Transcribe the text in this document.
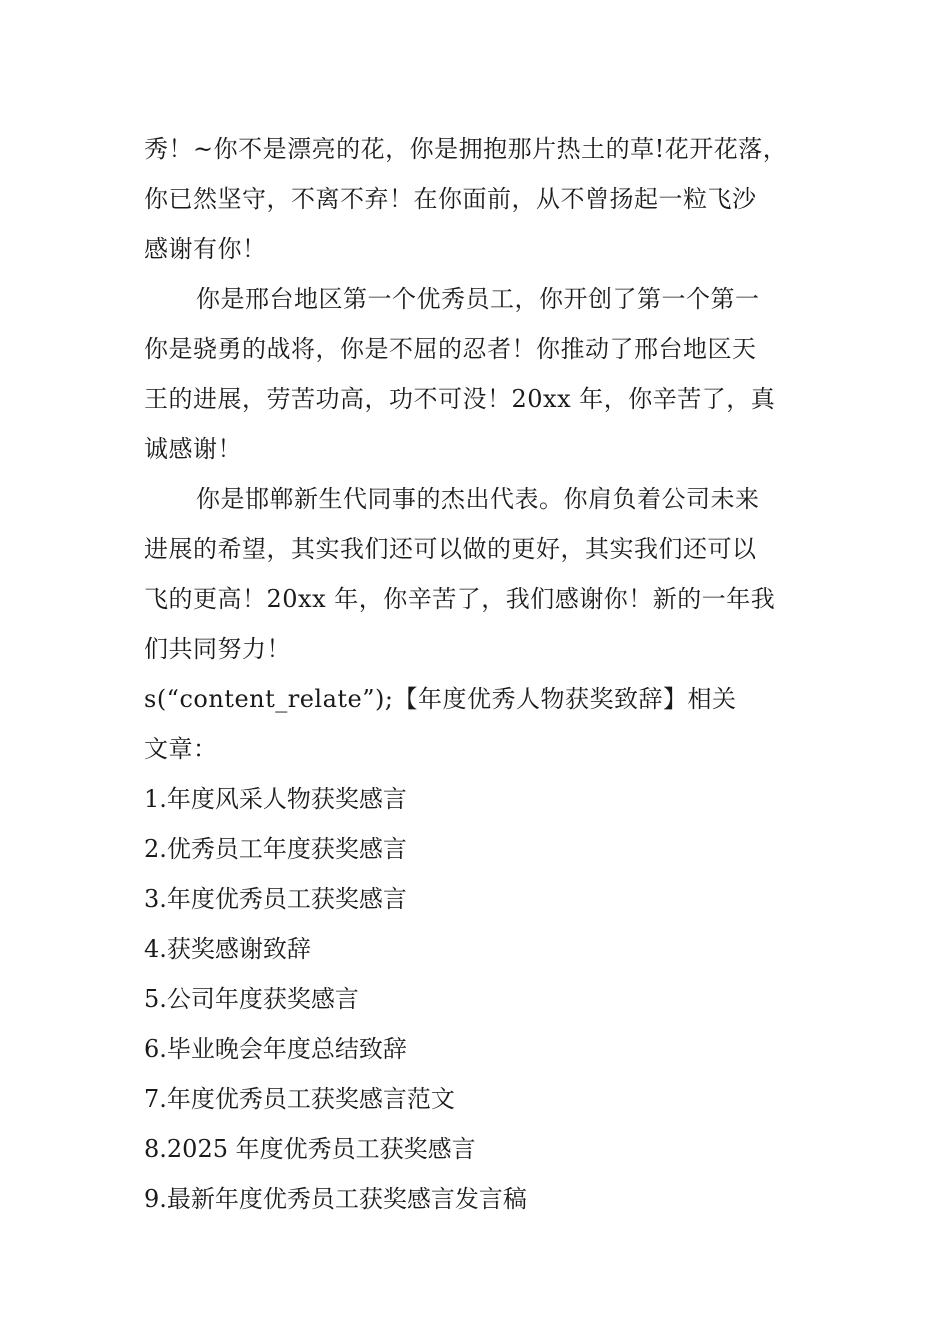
秀！~你不是漂亮的花，你是拥抱那片热土的草!花开花落，
你已然坚守，不离不弃！在你面前，从不曾扬起一粒飞沙
感谢有你！
你是邢台地区第一个优秀员工，你开创了第一个第一
你是骁勇的战将，你是不屈的忍者！你推动了邢台地区天
王的进展，劳苦功高，功不可没！20xx 年，你辛苦了，真
诚感谢！
你是邯郸新生代同事的杰出代表。你肩负着公司未来
进展的希望，其实我们还可以做的更好，其实我们还可以
飞的更高！20xx 年，你辛苦了，我们感谢你！新的一年我
们共同努力！
s(“content_relate”);【年度优秀人物获奖致辞】相关
文章：
1.年度风采人物获奖感言
2.优秀员工年度获奖感言
3.年度优秀员工获奖感言
4.获奖感谢致辞
5.公司年度获奖感言
6.毕业晚会年度总结致辞
7.年度优秀员工获奖感言范文
8.2025 年度优秀员工获奖感言
9.最新年度优秀员工获奖感言发言稿
